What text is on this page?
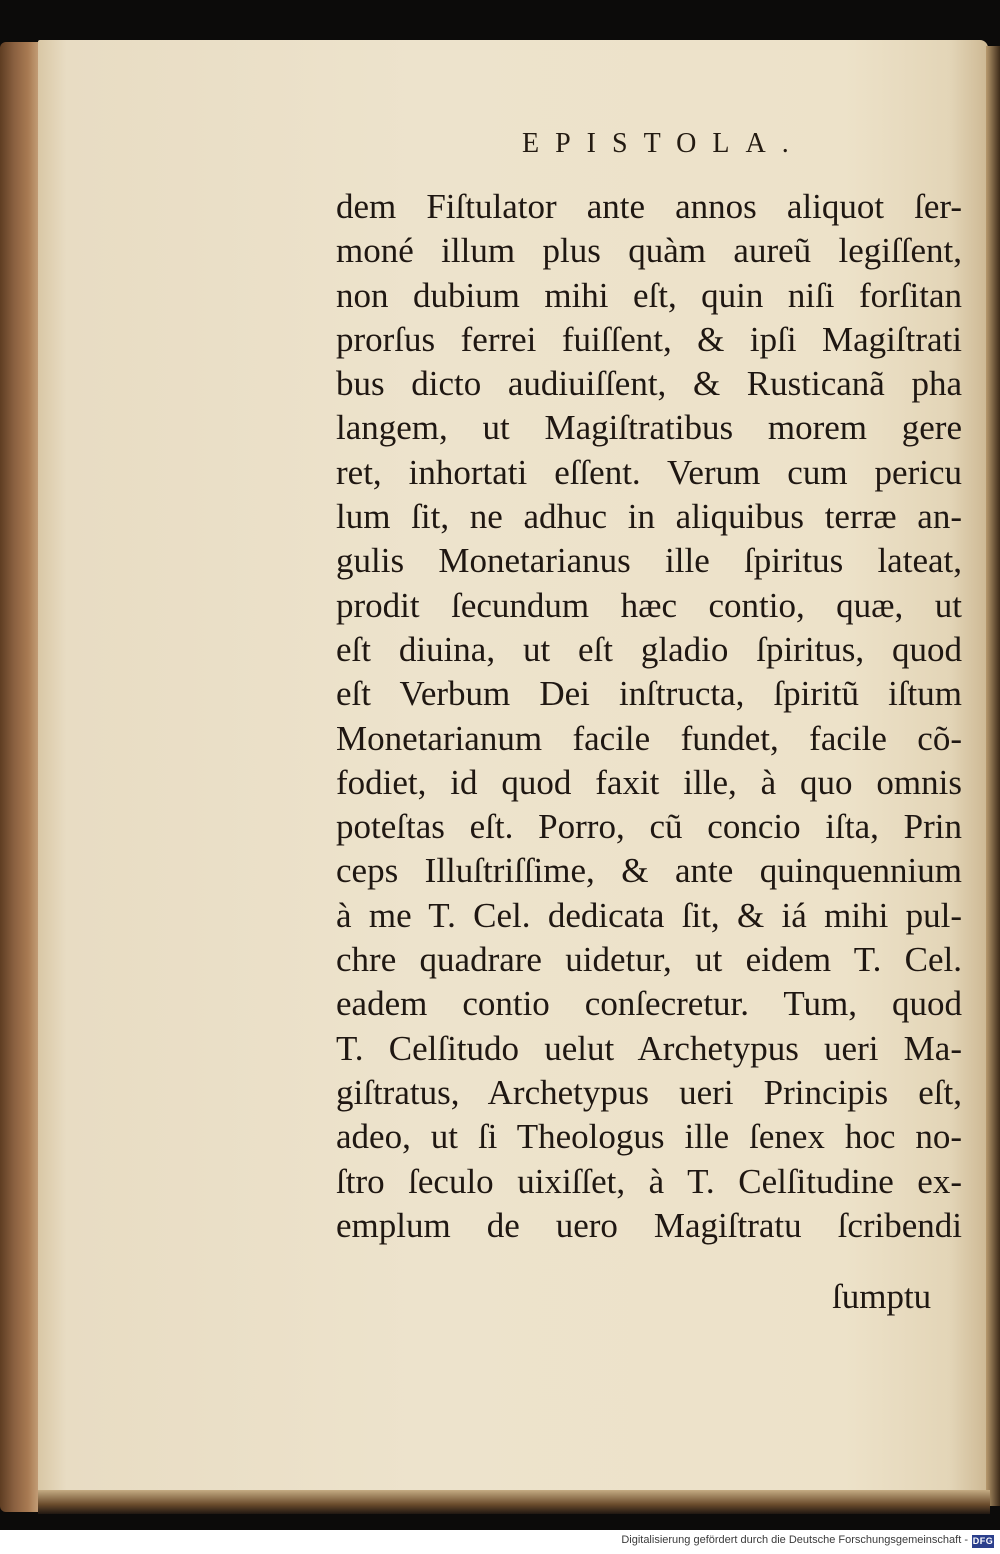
EPISTOLA.
dem Fiſtulator ante annos aliquot ſer-
moné illum plus quàm aureũ legiſſent,
non dubium mihi eſt, quin niſi forſitan
prorſus ferrei fuiſſent, & ipſi Magiſtrati
bus dicto audiuiſſent, & Rusticanã pha
langem, ut Magiſtratibus morem gere
ret, inhortati eſſent. Verum cum pericu
lum ſit, ne adhuc in aliquibus terræ an-
gulis Monetarianus ille ſpiritus lateat,
prodit ſecundum hæc contio, quæ, ut
eſt diuina, ut eſt gladio ſpiritus, quod
eſt Verbum Dei inſtructa, ſpiritũ iſtum
Monetarianum facile fundet, facile cõ-
fodiet, id quod faxit ille, à quo omnis
poteſtas eſt. Porro, cũ concio iſta, Prin
ceps Illuſtriſſime, & ante quinquennium
à me T. Cel. dedicata ſit, & iá mihi pul-
chre quadrare uidetur, ut eidem T. Cel.
eadem contio conſecretur. Tum, quod
T. Celſitudo uelut Archetypus ueri Ma-
giſtratus, Archetypus ueri Principis eſt,
adeo, ut ſi Theologus ille ſenex hoc no-
ſtro ſeculo uixiſſet, à T. Celſitudine ex-
emplum de uero Magiſtratu ſcribendi
ſumptu
Digitalisierung gefördert durch die Deutsche Forschungsgemeinschaft - DFG
